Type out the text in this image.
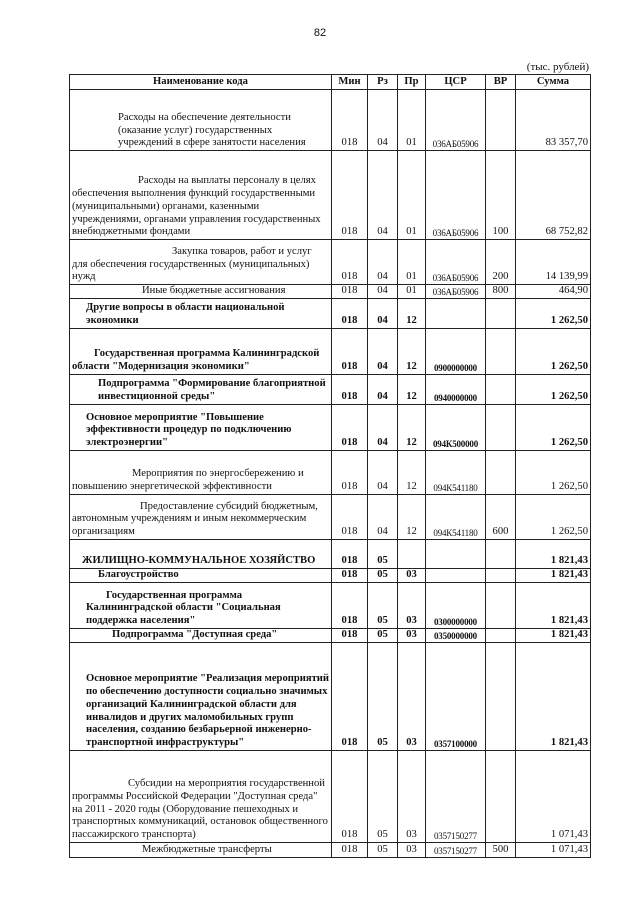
82
(тыс. рублей)
Наименование кода	Мин	Рз	Пр	ЦСР	ВР	Сумма
Расходы на обеспечение деятельности (оказание услуг) государственных учреждений в сфере занятости населения	018	04	01	036АБ05906		83 357,70
Расходы на выплаты персоналу в целях обеспечения выполнения функций государственными (муниципальными) органами, казенными учреждениями, органами управления государственных внебюджетными фондами	018	04	01	036АБ05906	100	68 752,82
Закупка товаров, работ и услуг для обеспечения государственных (муниципальных) нужд	018	04	01	036АБ05906	200	14 139,99
Иные бюджетные ассигнования	018	04	01	036АБ05906	800	464,90
Другие вопросы в области национальной экономики	018	04	12			1 262,50
Государственная программа Калининградской области "Модернизация экономики"	018	04	12	0900000000		1 262,50
Подпрограмма "Формирование благоприятной инвестиционной среды"	018	04	12	0940000000		1 262,50
Основное мероприятие "Повышение эффективности процедур по подключению электроэнергии"	018	04	12	094К500000		1 262,50
Мероприятия по энергосбережению и повышению энергетической эффективности	018	04	12	094К541180		1 262,50
Предоставление субсидий бюджетным, автономным учреждениям и иным некоммерческим организациям	018	04	12	094К541180	600	1 262,50
ЖИЛИЩНО-КОММУНАЛЬНОЕ ХОЗЯЙСТВО	018	05				1 821,43
Благоустройство	018	05	03			1 821,43
Государственная программа Калининградской области "Социальная поддержка населения"	018	05	03	0300000000		1 821,43
Подпрограмма "Доступная среда"	018	05	03	0350000000		1 821,43
Основное мероприятие "Реализация мероприятий по обеспечению доступности социально значимых организаций Калининградской области для инвалидов и других маломобильных групп населения, созданию безбарьерной инженерно-транспортной инфраструктуры"	018	05	03	0357100000		1 821,43
Субсидии на мероприятия государственной программы Российской Федерации "Доступная среда" на 2011 - 2020 годы (Оборудование пешеходных и транспортных коммуникаций, остановок общественного пассажирского транспорта)	018	05	03	0357150277		1 071,43
Межбюджетные трансферты	018	05	03	0357150277	500	1 071,43
